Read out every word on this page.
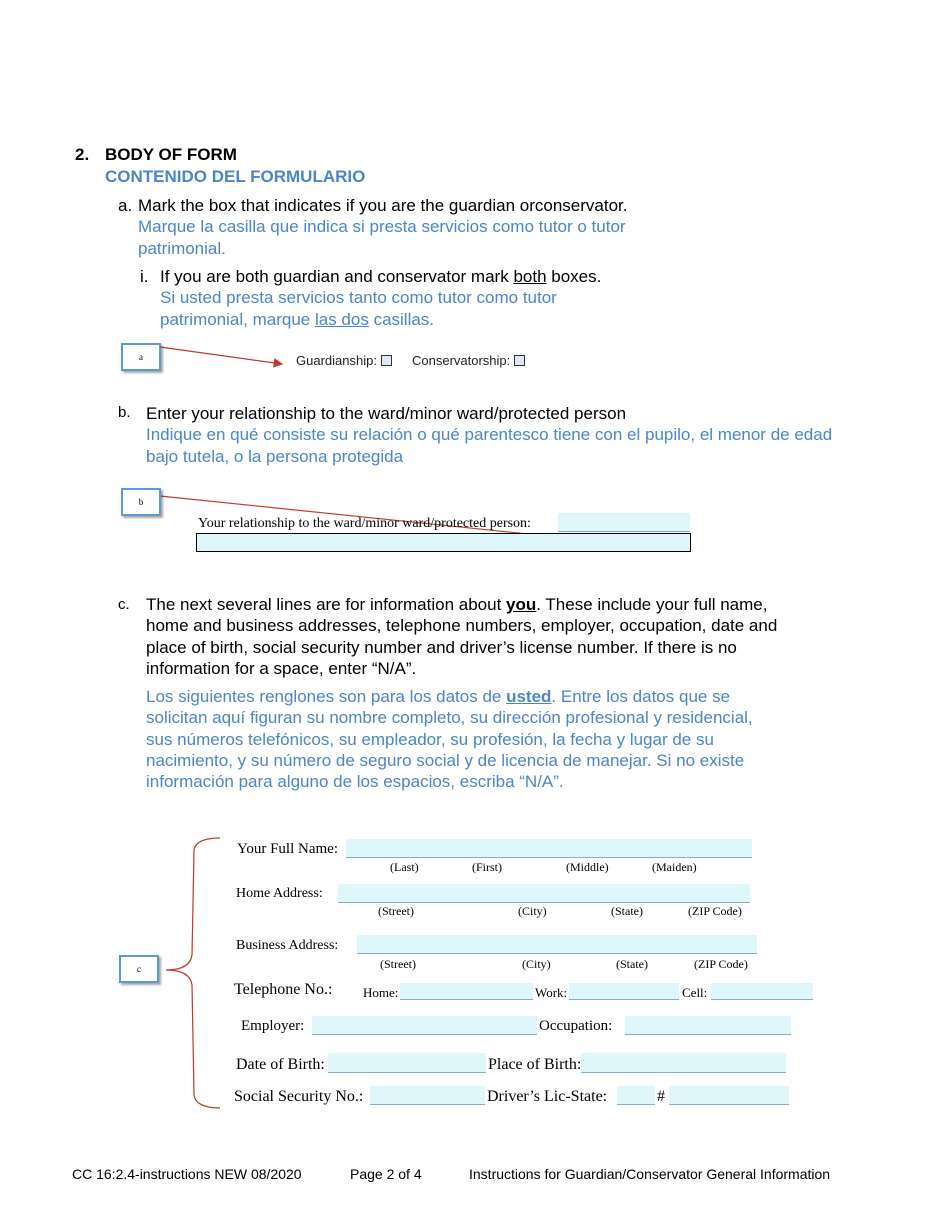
2. BODY OF FORM
CONTENIDO DEL FORMULARIO
a. Mark the box that indicates if you are the guardian orconservator.
Marque la casilla que indica si presta servicios como tutor o tutor
patrimonial.
i. If you are both guardian and conservator mark both boxes.
Si usted presta servicios tanto como tutor como tutor
patrimonial, marque las dos casillas.
a	Guardianship:	Conservatorship:
b. Enter your relationship to the ward/minor ward/protected person
Indique en qué consiste su relación o qué parentesco tiene con el pupilo, el menor de edad
bajo tutela, o la persona protegida
b
Your relationship to the ward/minor ward/protected person:
c. The next several lines are for information about you. These include your full name,
home and business addresses, telephone numbers, employer, occupation, date and
place of birth, social security number and driver’s license number. If there is no
information for a space, enter “N/A”.
Los siguientes renglones son para los datos de usted. Entre los datos que se
solicitan aquí figuran su nombre completo, su dirección profesional y residencial,
sus números telefónicos, su empleador, su profesión, la fecha y lugar de su
nacimiento, y su número de seguro social y de licencia de manejar. Si no existe
información para alguno de los espacios, escriba “N/A”.
c
Your Full Name:
(Last)	(First)	(Middle)	(Maiden)
Home Address:
(Street)	(City)	(State)	(ZIP Code)
Business Address:
(Street)	(City)	(State)	(ZIP Code)
Telephone No.: Home:	Work:	Cell:
Employer:	Occupation:
Date of Birth:	Place of Birth:
Social Security No.:	Driver’s Lic-State:	#
CC 16:2.4-instructions NEW 08/2020	Page 2 of 4	Instructions for Guardian/Conservator General Information
